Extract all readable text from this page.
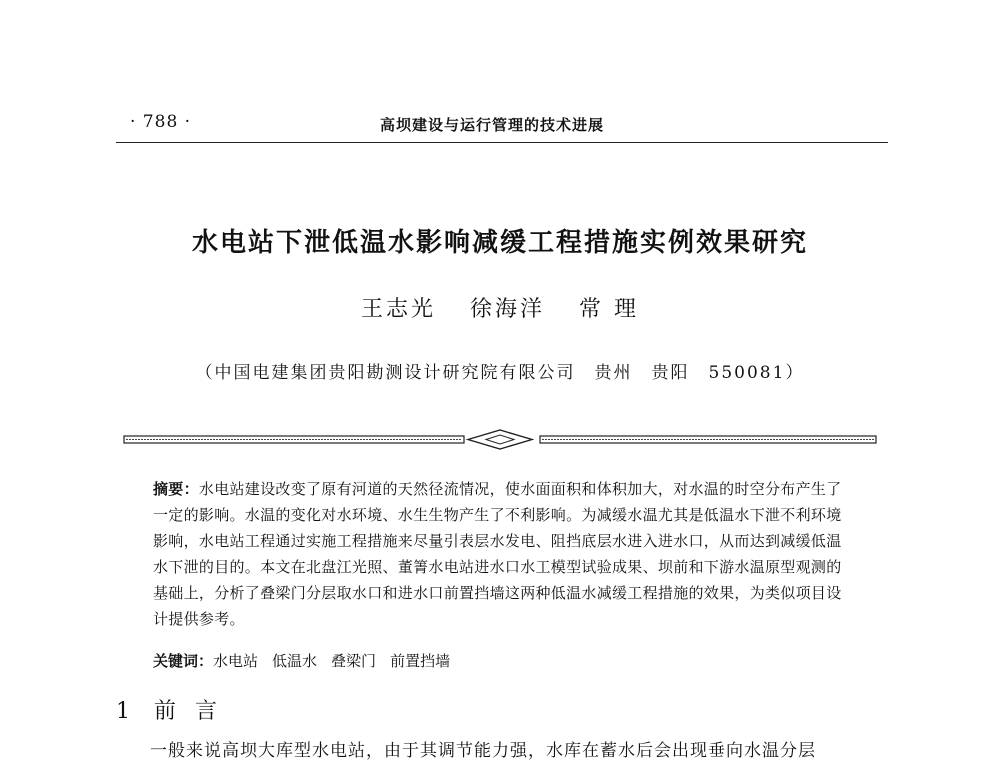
· 788 ·	高坝建设与运行管理的技术进展
水电站下泄低温水影响减缓工程措施实例效果研究
王志光 徐海洋 常 理
（中国电建集团贵阳勘测设计研究院有限公司　贵州　贵阳　550081）
摘要：水电站建设改变了原有河道的天然径流情况，使水面面积和体积加大，对水温的时空分布产生了一定的影响。水温的变化对水环境、水生生物产生了不利影响。为减缓水温尤其是低温水下泄不利环境影响，水电站工程通过实施工程措施来尽量引表层水发电、阻挡底层水进入进水口，从而达到减缓低温水下泄的目的。本文在北盘江光照、董箐水电站进水口水工模型试验成果、坝前和下游水温原型观测的基础上，分析了叠梁门分层取水口和进水口前置挡墙这两种低温水减缓工程措施的效果，为类似项目设计提供参考。
关键词：水电站 低温水 叠梁门 前置挡墙
1 前 言
一般来说高坝大库型水电站，由于其调节能力强，水库在蓄水后会出现垂向水温分层
